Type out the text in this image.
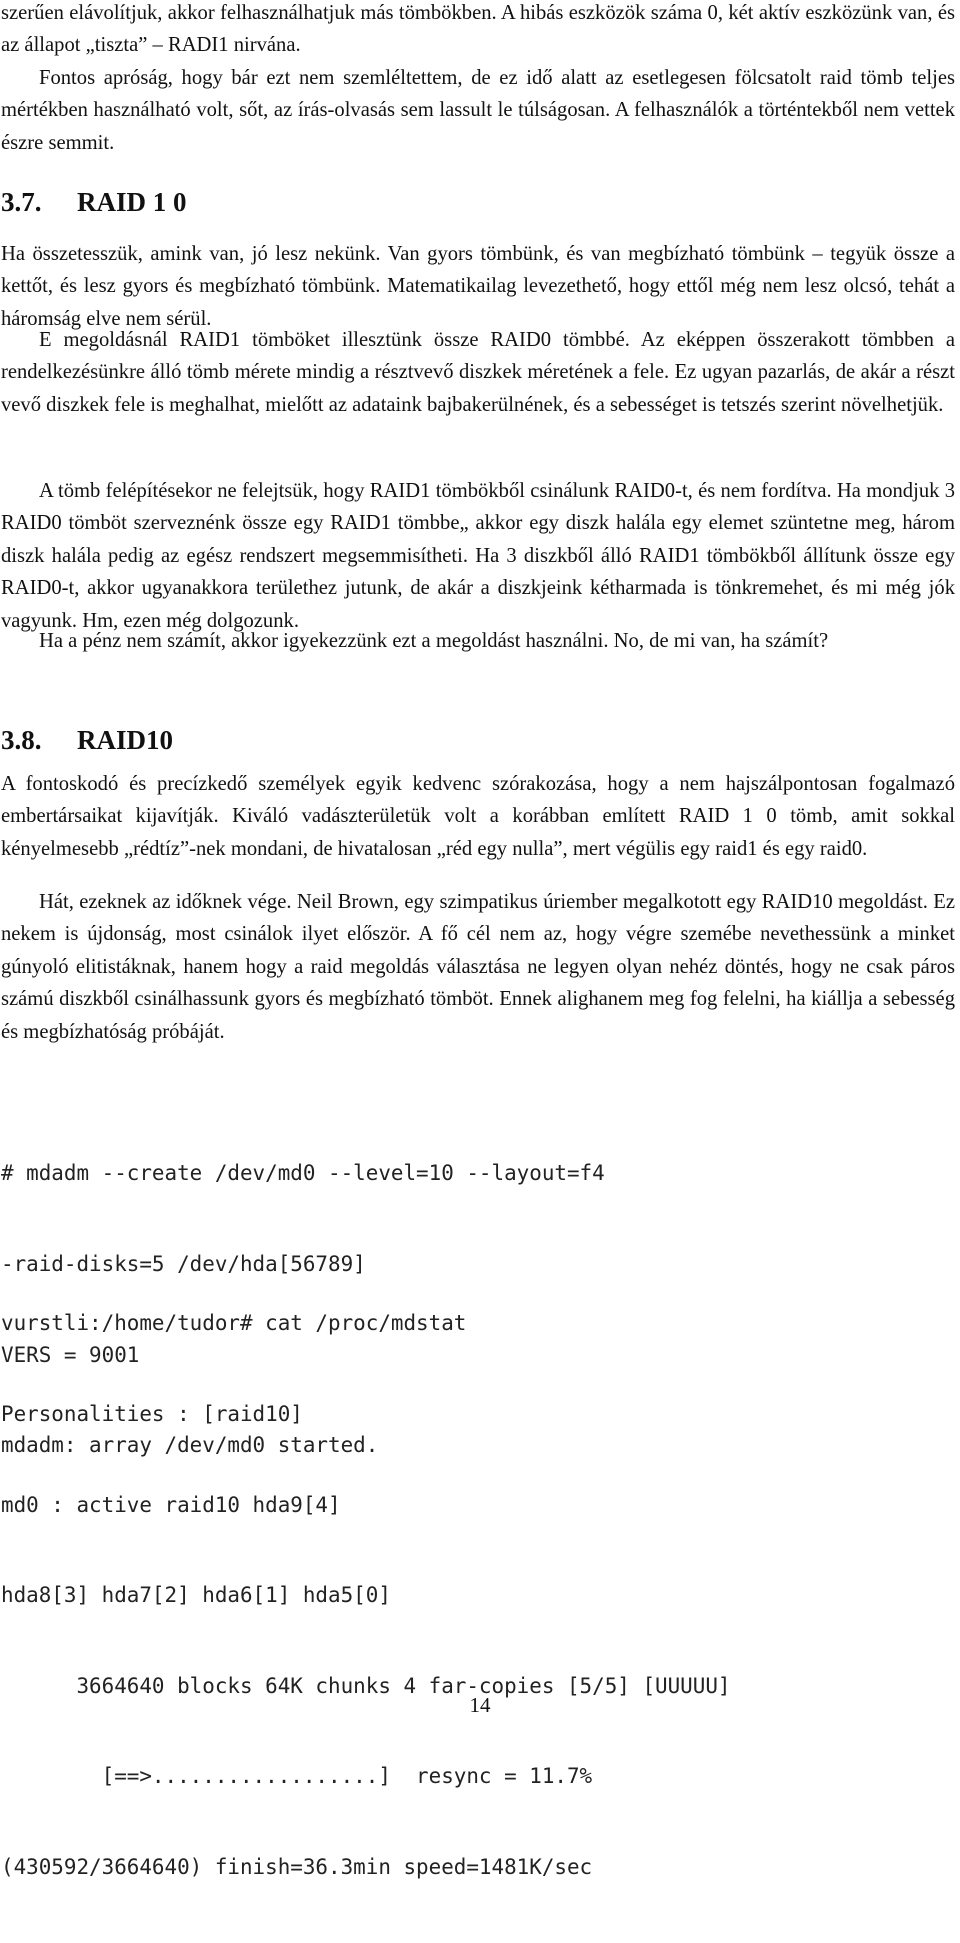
szerűen elávolítjuk, akkor felhasználhatjuk más tömbökben. A hibás eszközök száma 0, két aktív eszközünk van, és az állapot „tiszta” – RADI1 nirvána.

Fontos apróság, hogy bár ezt nem szemléltettem, de ez idő alatt az esetlegesen fölcsatolt raid tömb teljes mértékben használható volt, sőt, az írás-olvasás sem lassult le túlságosan. A felhasználók a történtekből nem vettek észre semmit.

3.7. RAID 1 0

Ha összetesszük, amink van, jó lesz nekünk. Van gyors tömbünk, és van megbízható tömbünk – tegyük össze a kettőt, és lesz gyors és megbízható tömbünk. Matematikailag levezethető, hogy ettől még nem lesz olcsó, tehát a háromság elve nem sérül.

E megoldásnál RAID1 tömböket illesztünk össze RAID0 tömbbé. Az eképpen összerakott tömbben a rendelkezésünkre álló tömb mérete mindig a résztvevő diszkek méretének a fele. Ez ugyan pazarlás, de akár a részt vevő diszkek fele is meghalhat, mielőtt az adataink bajbakerülnének, és a sebességet is tetszés szerint növelhetjük.

A tömb felépítésekor ne felejtsük, hogy RAID1 tömbökből csinálunk RAID0-t, és nem fordítva. Ha mondjuk 3 RAID0 tömböt szerveznénk össze egy RAID1 tömbbe„ akkor egy diszk halála egy elemet szüntetne meg, három diszk halála pedig az egész rendszert megsemmisítheti. Ha 3 diszkből álló RAID1 tömbökből állítunk össze egy RAID0-t, akkor ugyanakkora területhez jutunk, de akár a diszkjeink kétharmada is tönkremehet, és mi még jók vagyunk. Hm, ezen még dolgozunk.

Ha a pénz nem számít, akkor igyekezzünk ezt a megoldást használni. No, de mi van, ha számít?

3.8. RAID10

A fontoskodó és precízkedő személyek egyik kedvenc szórakozása, hogy a nem hajszálpontosan fogalmazó embertársaikat kijavítják. Kiváló vadászterületük volt a korábban említett RAID 1 0 tömb, amit sokkal kényelmesebb „rédtíz”-nek mondani, de hivatalosan „réd egy nulla”, mert végülis egy raid1 és egy raid0.

Hát, ezeknek az időknek vége. Neil Brown, egy szimpatikus úriember megalkotott egy RAID10 megoldást. Ez nekem is újdonság, most csinálok ilyet először. A fő cél nem az, hogy végre szemébe nevethessünk a minket gúnyoló elitistáknak, hanem hogy a raid megoldás választása ne legyen olyan nehéz döntés, hogy ne csak páros számú diszkből csinálhassunk gyors és megbízható tömböt. Ennek alighanem meg fog felelni, ha kiállja a sebesség és megbízhatóság próbáját.

# mdadm --create /dev/md0 --level=10 --layout=f4

-raid-disks=5 /dev/hda[56789]

VERS = 9001

mdadm: array /dev/md0 started.

vurstli:/home/tudor# cat /proc/mdstat

Personalities : [raid10]

md0 : active raid10 hda9[4]

hda8[3] hda7[2] hda6[1] hda5[0]

3664640 blocks 64K chunks 4 far-copies [5/5] [UUUUU]

[==>..................]  resync = 11.7%

(430592/3664640) finish=36.3min speed=1481K/sec

14
